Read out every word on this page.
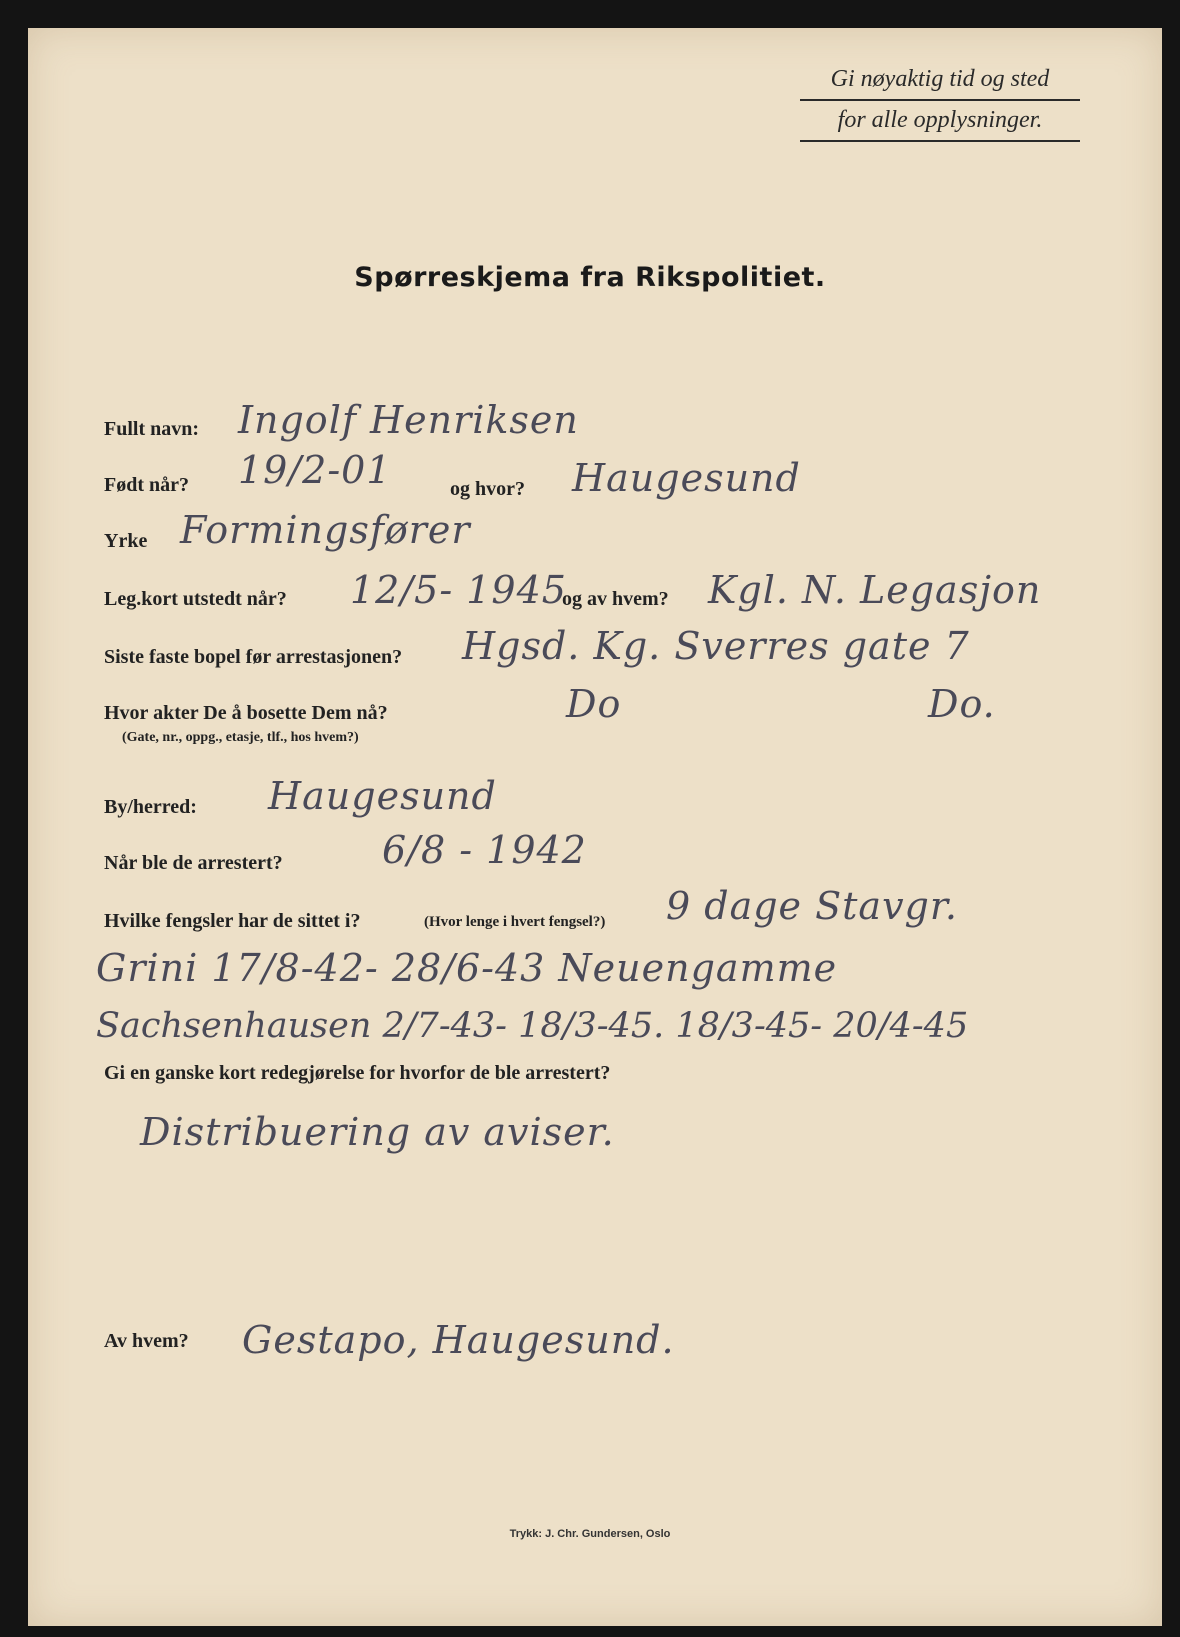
Gi nøyaktig tid og sted
for alle opplysninger.
Spørreskjema fra Rikspolitiet.
Fullt navn: Ingolf Henriksen
Født når? 19/2-01	og hvor? Haugesund
Yrke Formingsfører
Leg.kort utstedt når? 12/5- 1945
og av hvem? Kgl. N. Legasjon
Siste faste bopel før arrestasjonen? Hgsd. Kg. Sverres gate 7
Hvor akter De å bosette Dem nå?
(Gate, nr., oppg., etasje, tlf., hos hvem?)
Do	Do.
By/herred: Haugesund
Når ble de arrestert?	6/8 - 1942
Hvilke fengsler har de sittet i?	(Hvor lenge i hvert fengsel?) 9 dage Stavgr.
Grini 17/8-42- 28/6-43 Neuengamme
Sachsenhausen 2/7-43- 18/3-45. 18/3-45- 20/4-45
Gi en ganske kort redegjørelse for hvorfor de ble arrestert?
Distribuering av aviser.
Av hvem? Gestapo, Haugesund.
Trykk: J. Chr. Gundersen, Oslo
